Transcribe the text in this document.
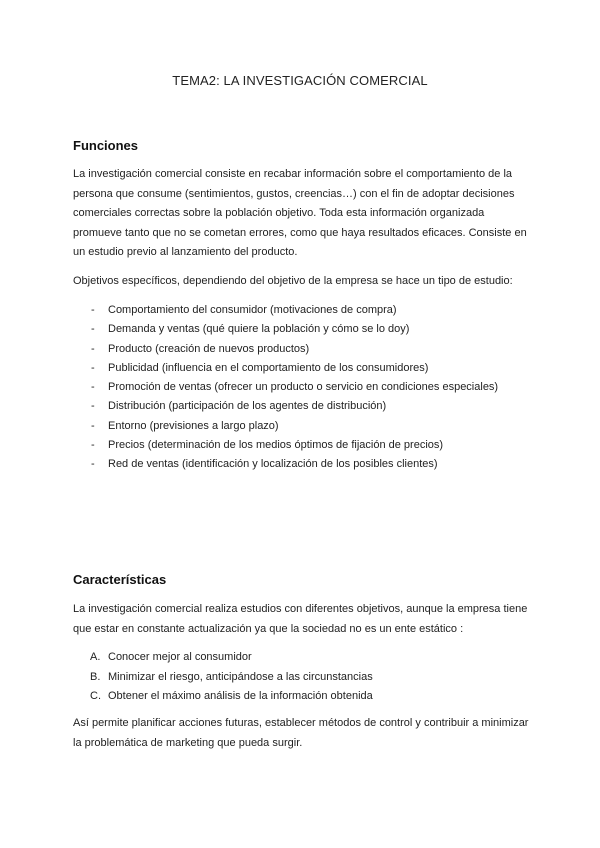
TEMA2: LA INVESTIGACIÓN COMERCIAL
Funciones

La investigación comercial consiste en recabar información sobre el comportamiento de la persona que consume (sentimientos, gustos, creencias…) con el fin de adoptar decisiones comerciales correctas sobre la población objetivo. Toda esta información organizada promueve tanto que no se cometan errores, como que haya resultados eficaces. Consiste en un estudio previo al lanzamiento del producto.

Objetivos específicos, dependiendo del objetivo de la empresa se hace un tipo de estudio:

-	Comportamiento del consumidor (motivaciones de compra)
-	Demanda y ventas (qué quiere la población y cómo se lo doy)
-	Producto (creación de nuevos productos)
-	Publicidad (influencia en el comportamiento de los consumidores)
-	Promoción de ventas (ofrecer un producto o servicio en condiciones especiales)
-	Distribución (participación de los agentes de distribución)
-	Entorno (previsiones a largo plazo)
-	Precios (determinación de los medios óptimos de fijación de precios)
-	Red de ventas (identificación y localización de los posibles clientes)
Características

La investigación comercial realiza estudios con diferentes objetivos, aunque la empresa tiene que estar en constante actualización ya que la sociedad no es un ente estático :

A. Conocer mejor al consumidor
B. Minimizar el riesgo, anticipándose a las circunstancias
C. Obtener el máximo análisis de la información obtenida

Así permite planificar acciones futuras, establecer métodos de control y contribuir a minimizar la problemática de marketing que pueda surgir.
